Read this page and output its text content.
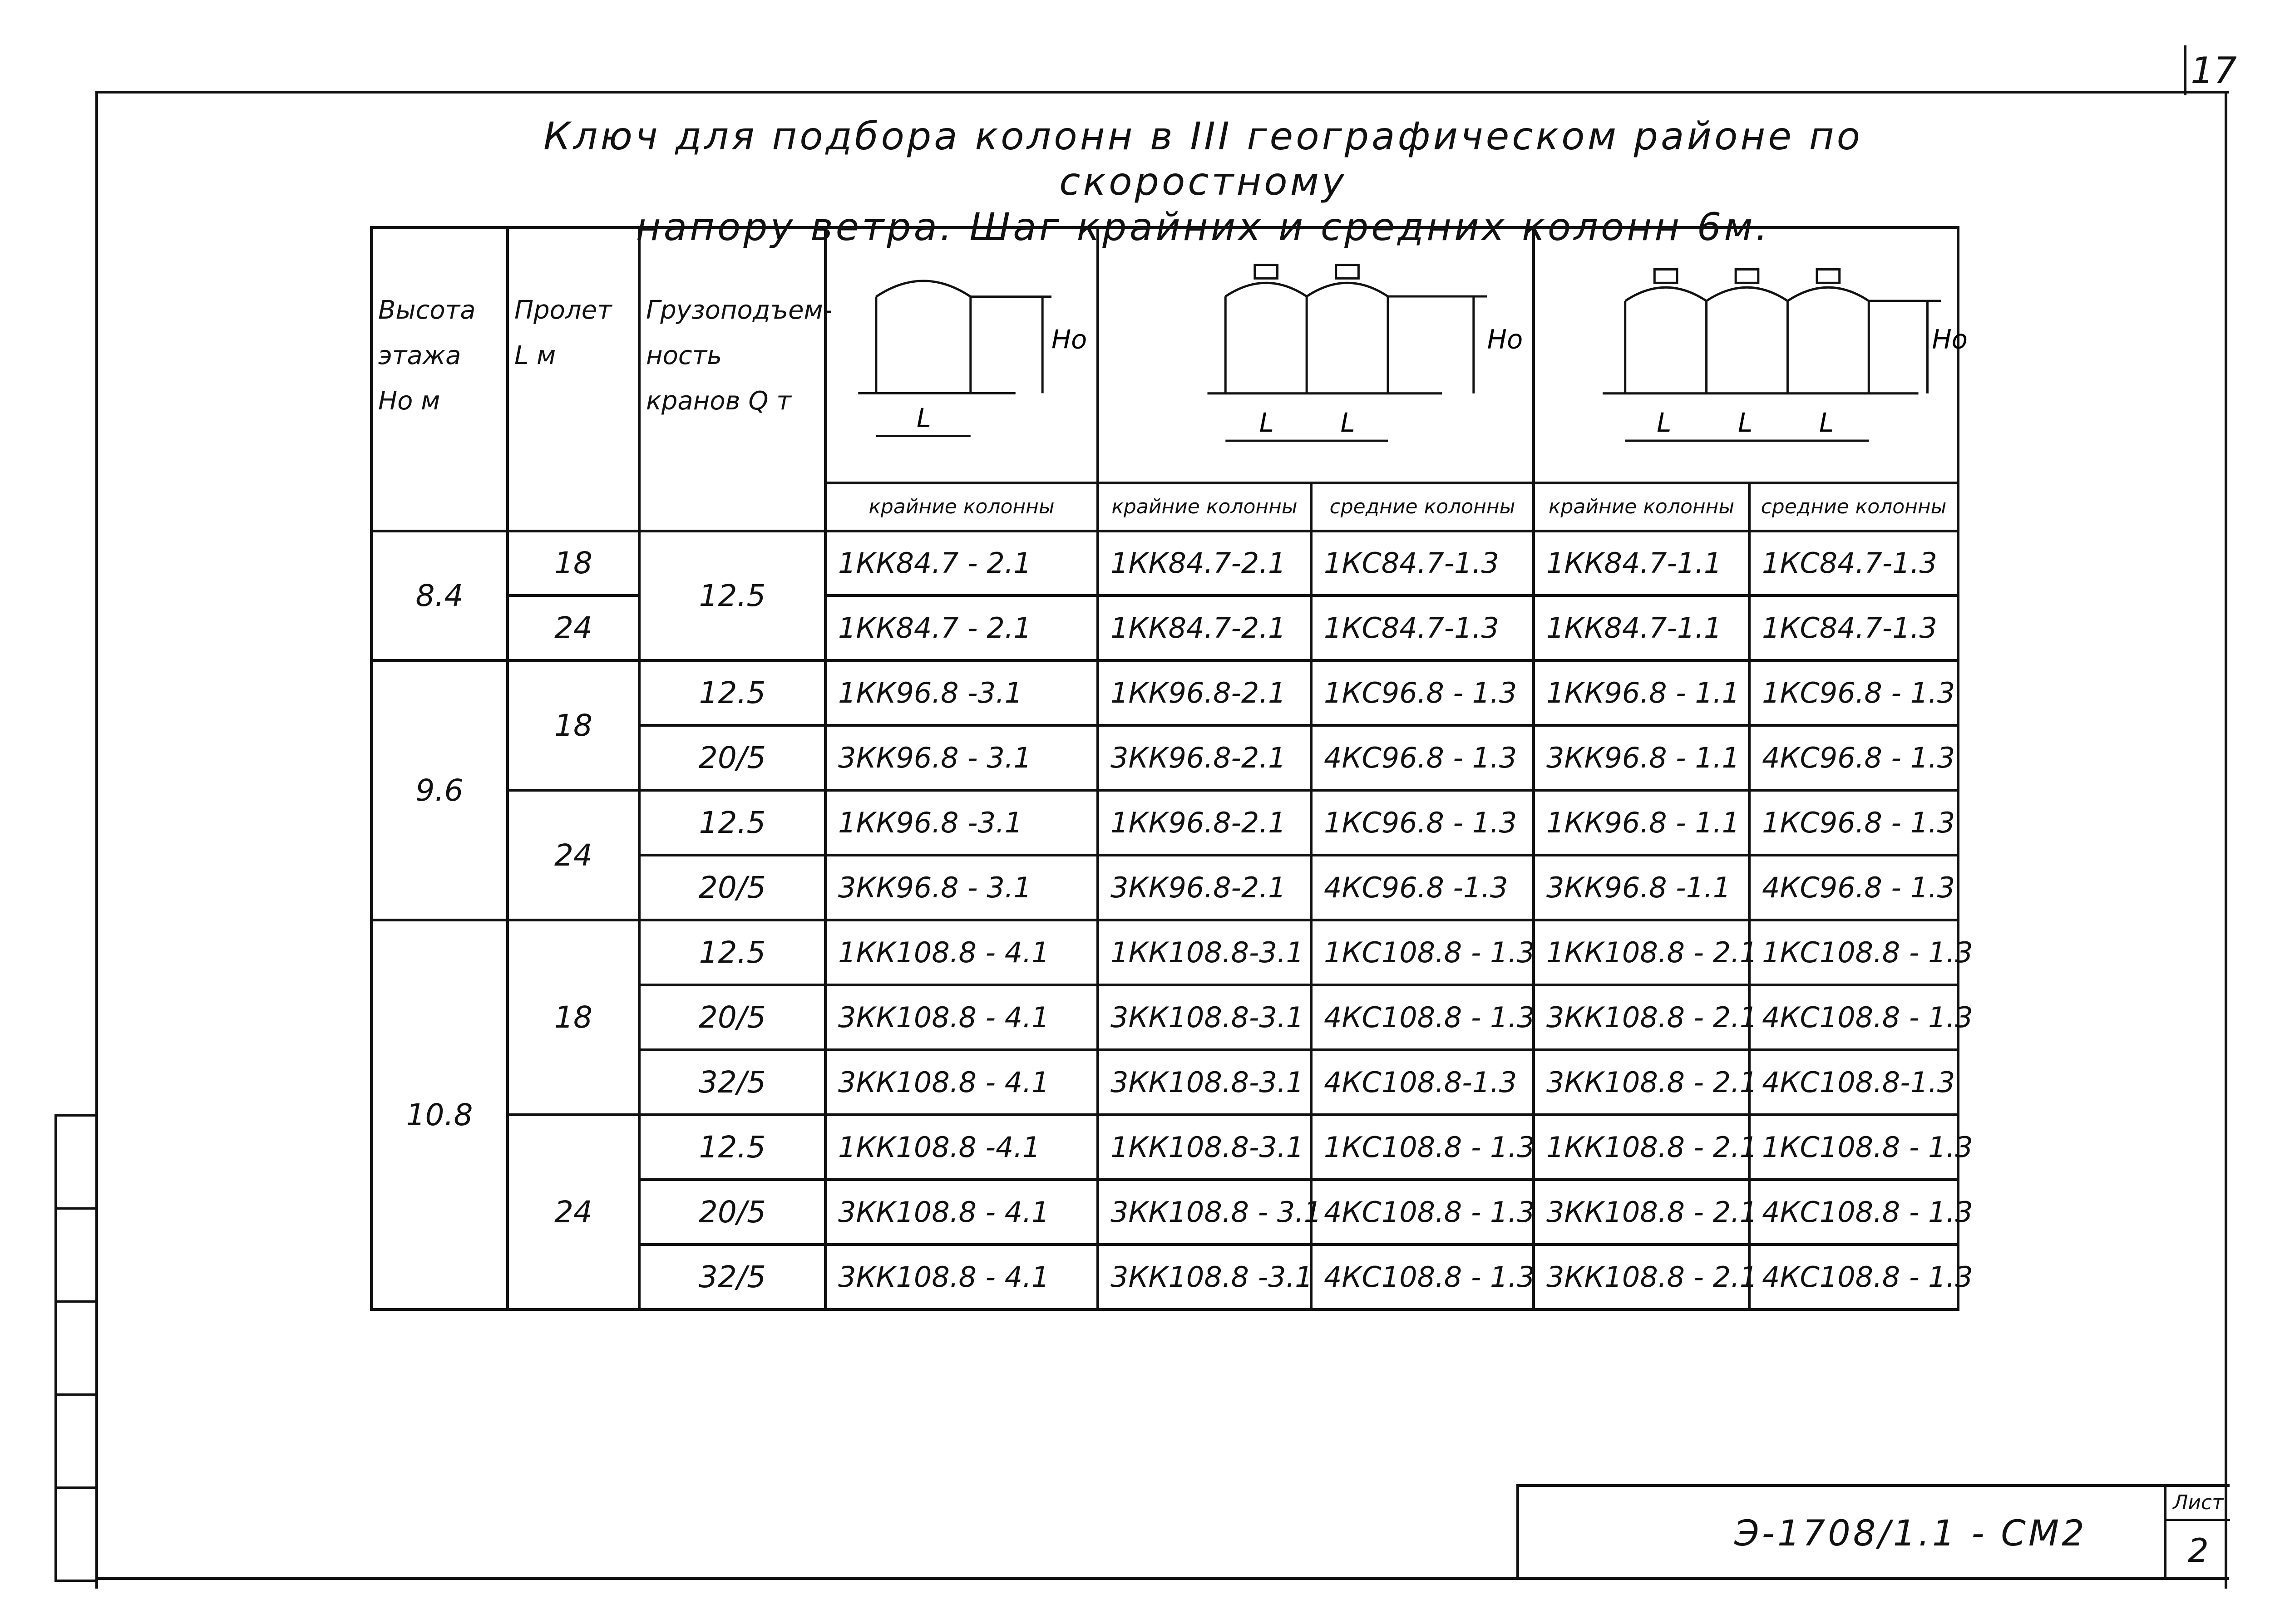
17
Ключ для подбора колонн в III географическом районе по скоростному
напору ветра. Шаг крайних и средних колонн 6м.
Высота этажа Hо м	Пролет L м	Грузоподъем-ность кранов Q т	Hо
L	Hо
L L		Hо
L L L	

			крайние колонны	крайние колонны	средние колонны	крайние колонны	средние колонны
8.4	18	12.5	1КК84.7 - 2.1	1КК84.7-2.1	1КС84.7-1.3	1КК84.7-1.1	1КС84.7-1.3
	24		1КК84.7 - 2.1	1КК84.7-2.1	1КС84.7-1.3	1КК84.7-1.1	1КС84.7-1.3
9.6	18	12.5	1КК96.8 -3.1	1КК96.8-2.1	1КС96.8 - 1.3	1КК96.8 - 1.1	1КС96.8 - 1.3
		20/5	3КК96.8 - 3.1	3КК96.8-2.1	4КС96.8 - 1.3	3КК96.8 - 1.1	4КС96.8 - 1.3
	24	12.5	1КК96.8 -3.1	1КК96.8-2.1	1КС96.8 - 1.3	1КК96.8 - 1.1	1КС96.8 - 1.3
		20/5	3КК96.8 - 3.1	3КК96.8-2.1	4КС96.8 -1.3	3КК96.8 -1.1	4КС96.8 - 1.3
10.8	18	12.5	1КК108.8 - 4.1	1КК108.8-3.1	1КС108.8 - 1.3	1КК108.8 - 2.1	1КС108.8 - 1.3
		20/5	3КК108.8 - 4.1	3КК108.8-3.1	4КС108.8 - 1.3	3КК108.8 - 2.1	4КС108.8 - 1.3
		32/5	3КК108.8 - 4.1	3КК108.8-3.1	4КС108.8-1.3	3КК108.8 - 2.1	4КС108.8-1.3
	24	12.5	1КК108.8 -4.1	1КК108.8-3.1	1КС108.8 - 1.3	1КК108.8 - 2.1	1КС108.8 - 1.3
		20/5	3КК108.8 - 4.1	3КК108.8 - 3.1	4КС108.8 - 1.3	3КК108.8 - 2.1	4КС108.8 - 1.3
		32/5	3КК108.8 - 4.1	3КК108.8 -3.1	4КС108.8 - 1.3	3КК108.8 - 2.1	4КС108.8 - 1.3
Э-1708/1.1 - СМ2
Лист
2
